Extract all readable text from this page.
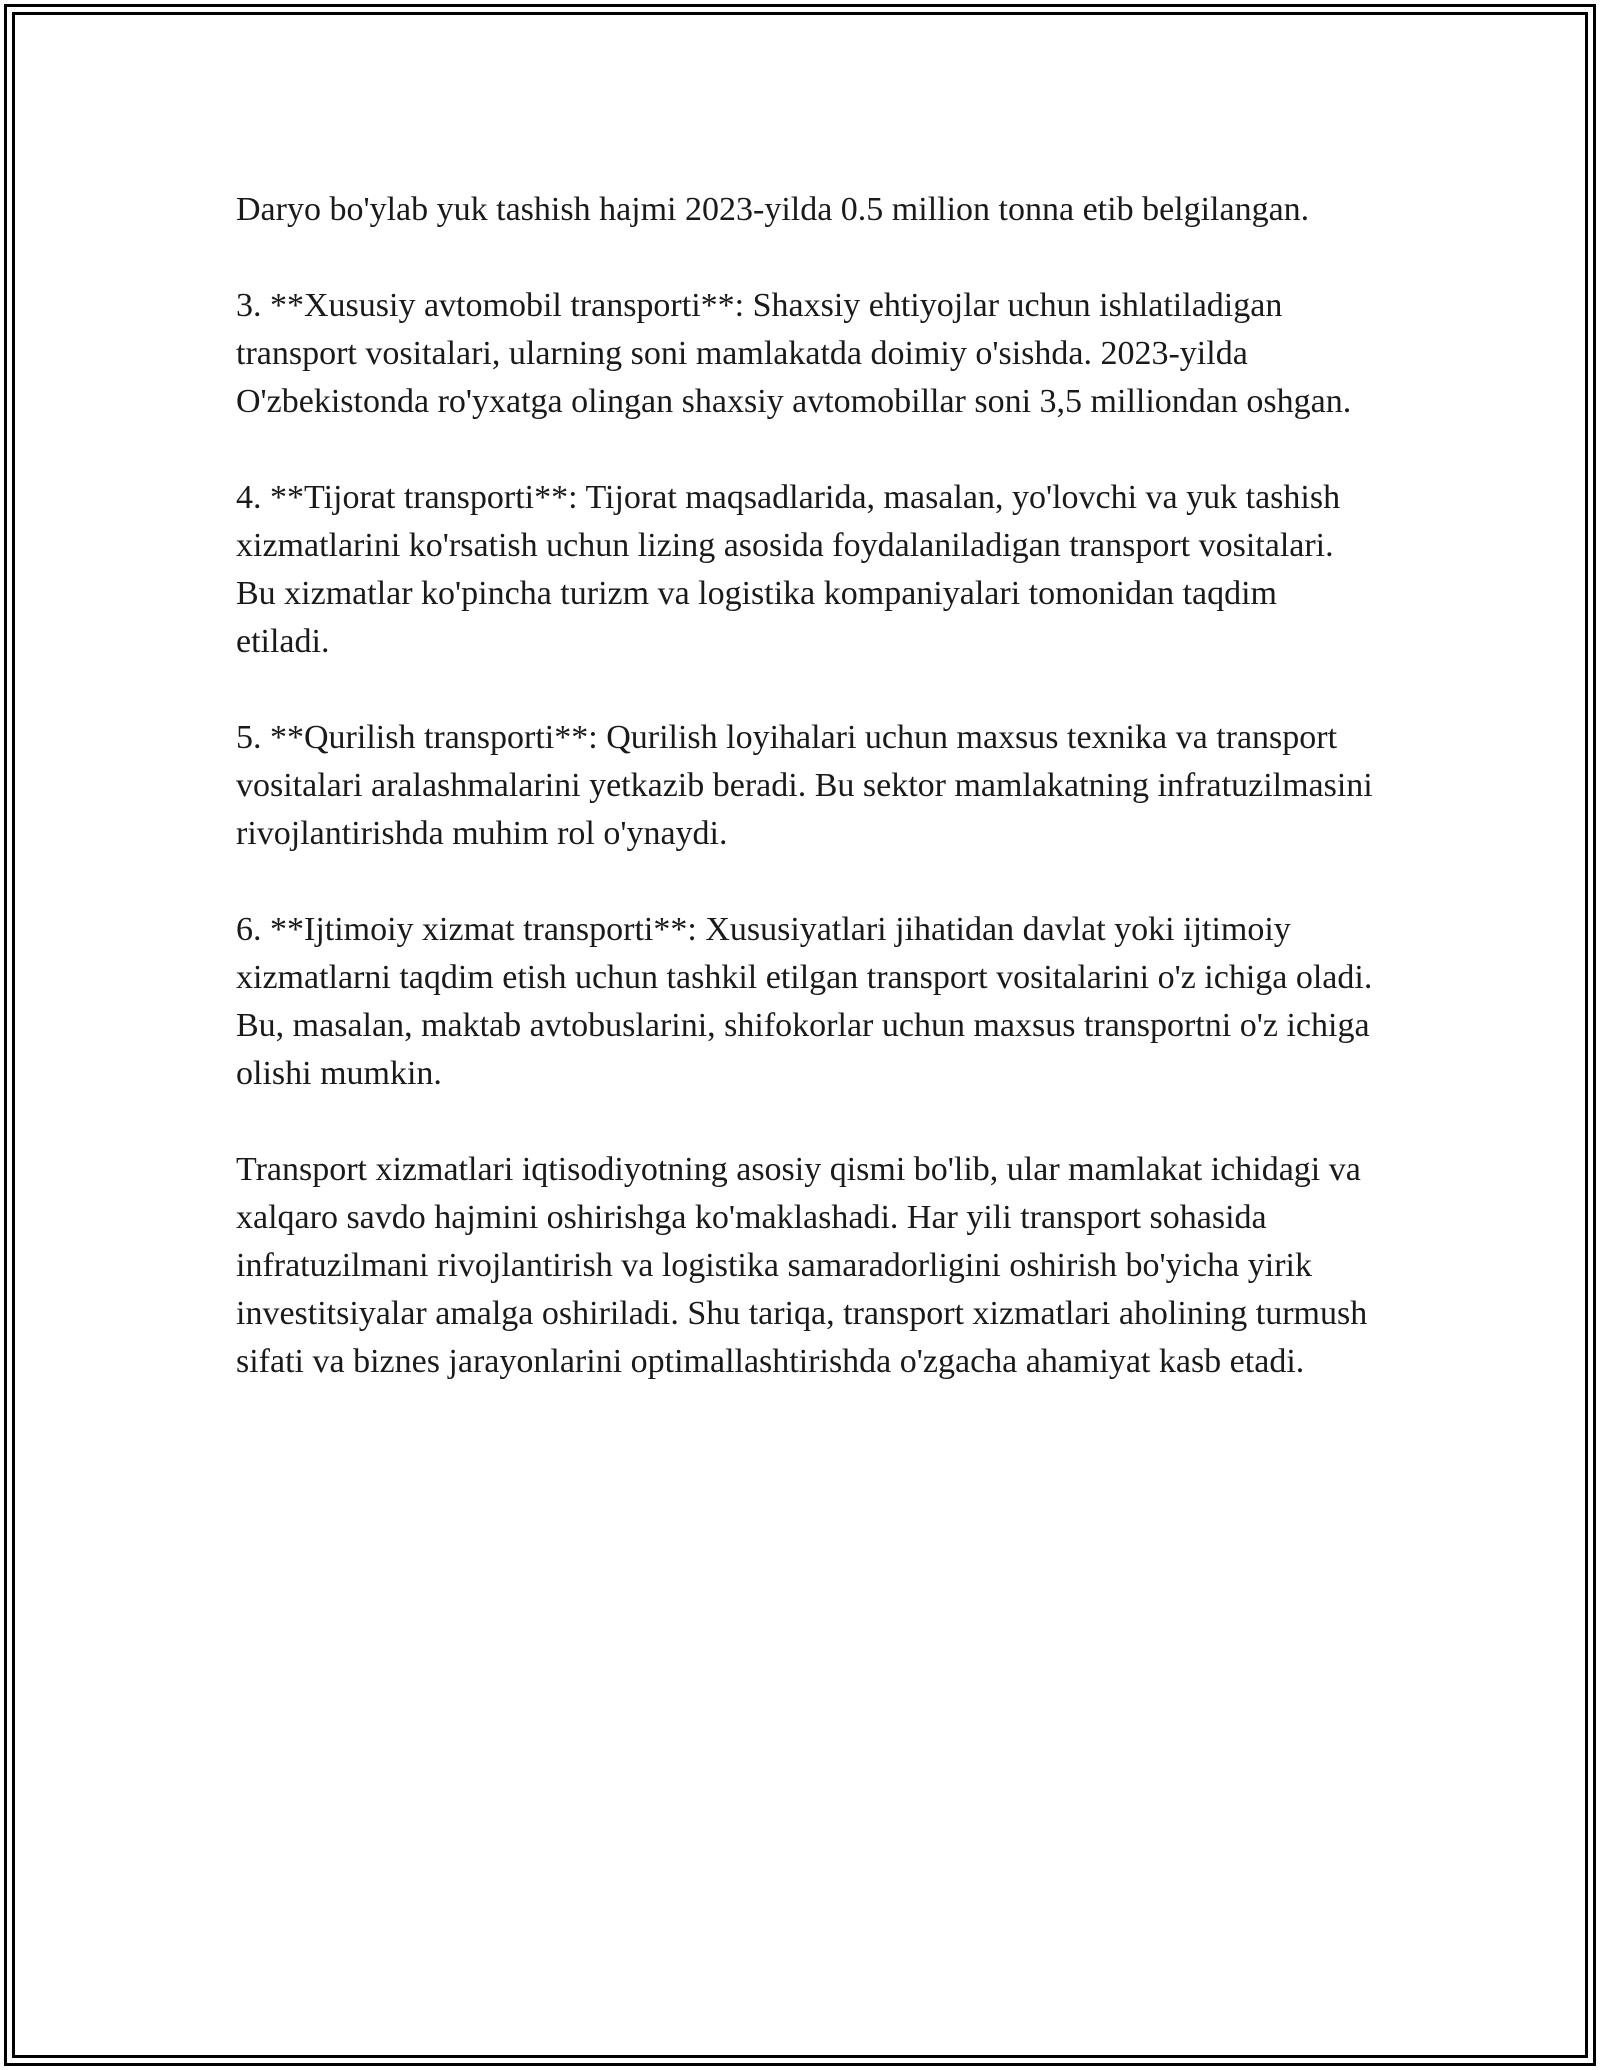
Daryo bo'ylab yuk tashish hajmi 2023-yilda 0.5 million tonna etib belgilangan.

3. **Xususiy avtomobil transporti**: Shaxsiy ehtiyojlar uchun ishlatiladigan transport vositalari, ularning soni mamlakatda doimiy o'sishda. 2023-yilda O'zbekistonda ro'yxatga olingan shaxsiy avtomobillar soni 3,5 milliondan oshgan.

4. **Tijorat transporti**: Tijorat maqsadlarida, masalan, yo'lovchi va yuk tashish xizmatlarini ko'rsatish uchun lizing asosida foydalaniladigan transport vositalari. Bu xizmatlar ko'pincha turizm va logistika kompaniyalari tomonidan taqdim etiladi.

5. **Qurilish transporti**: Qurilish loyihalari uchun maxsus texnika va transport vositalari aralashmalarini yetkazib beradi. Bu sektor mamlakatning infratuzilmasini rivojlantirishda muhim rol o'ynaydi.

6. **Ijtimoiy xizmat transporti**: Xususiyatlari jihatidan davlat yoki ijtimoiy xizmatlarni taqdim etish uchun tashkil etilgan transport vositalarini o'z ichiga oladi. Bu, masalan, maktab avtobuslarini, shifokorlar uchun maxsus transportni o'z ichiga olishi mumkin.

Transport xizmatlari iqtisodiyotning asosiy qismi bo'lib, ular mamlakat ichidagi va xalqaro savdo hajmini oshirishga ko'maklashadi. Har yili transport sohasida infratuzilmani rivojlantirish va logistika samaradorligini oshirish bo'yicha yirik investitsiyalar amalga oshiriladi. Shu tariqa, transport xizmatlari aholining turmush sifati va biznes jarayonlarini optimallashtirishda o'zgacha ahamiyat kasb etadi.
